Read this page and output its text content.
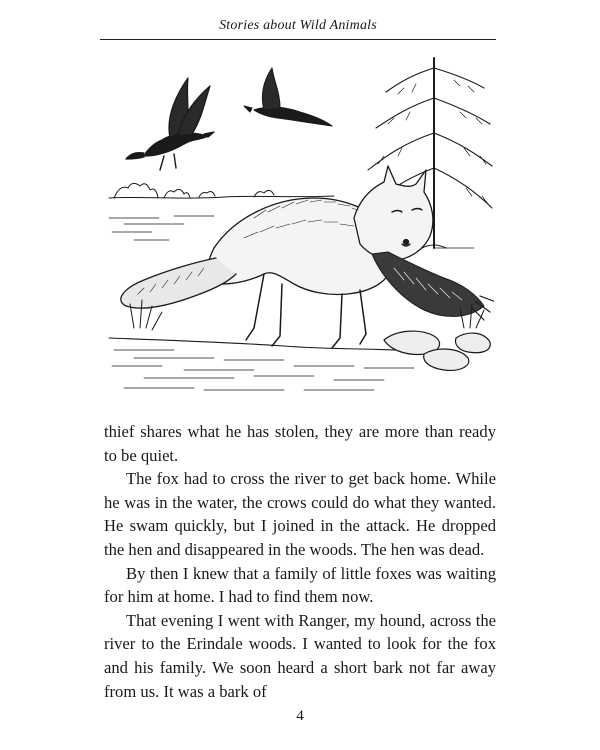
Stories about Wild Animals

thief shares what he has stolen, they are more than ready to be quiet.

The fox had to cross the river to get back home. While he was in the water, the crows could do what they wanted. He swam quickly, but I joined in the attack. He dropped the hen and disappeared in the woods. The hen was dead.

By then I knew that a family of little foxes was waiting for him at home. I had to find them now.

That evening I went with Ranger, my hound, across the river to the Erindale woods. I wanted to look for the fox and his family. We soon heard a short bark not far away from us. It was a bark of

4
